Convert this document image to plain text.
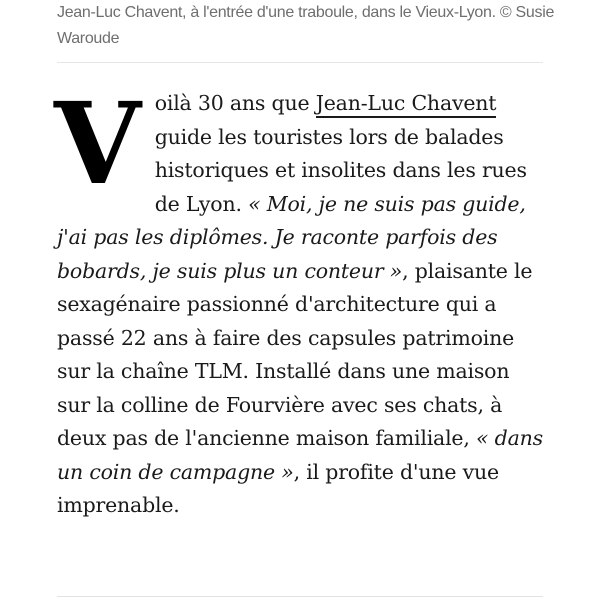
Jean-Luc Chavent, à l'entrée d'une traboule, dans le Vieux-Lyon. © Susie Waroude
V oilà 30 ans que Jean-Luc Chavent guide les touristes lors de balades historiques et insolites dans les rues de Lyon. « Moi, je ne suis pas guide, j'ai pas les diplômes. Je raconte parfois des bobards, je suis plus un conteur », plaisante le sexagénaire passionné d'architecture qui a passé 22 ans à faire des capsules patrimoine sur la chaîne TLM. Installé dans une maison sur la colline de Fourvière avec ses chats, à deux pas de l'ancienne maison familiale, « dans un coin de campagne », il profite d'une vue imprenable.
